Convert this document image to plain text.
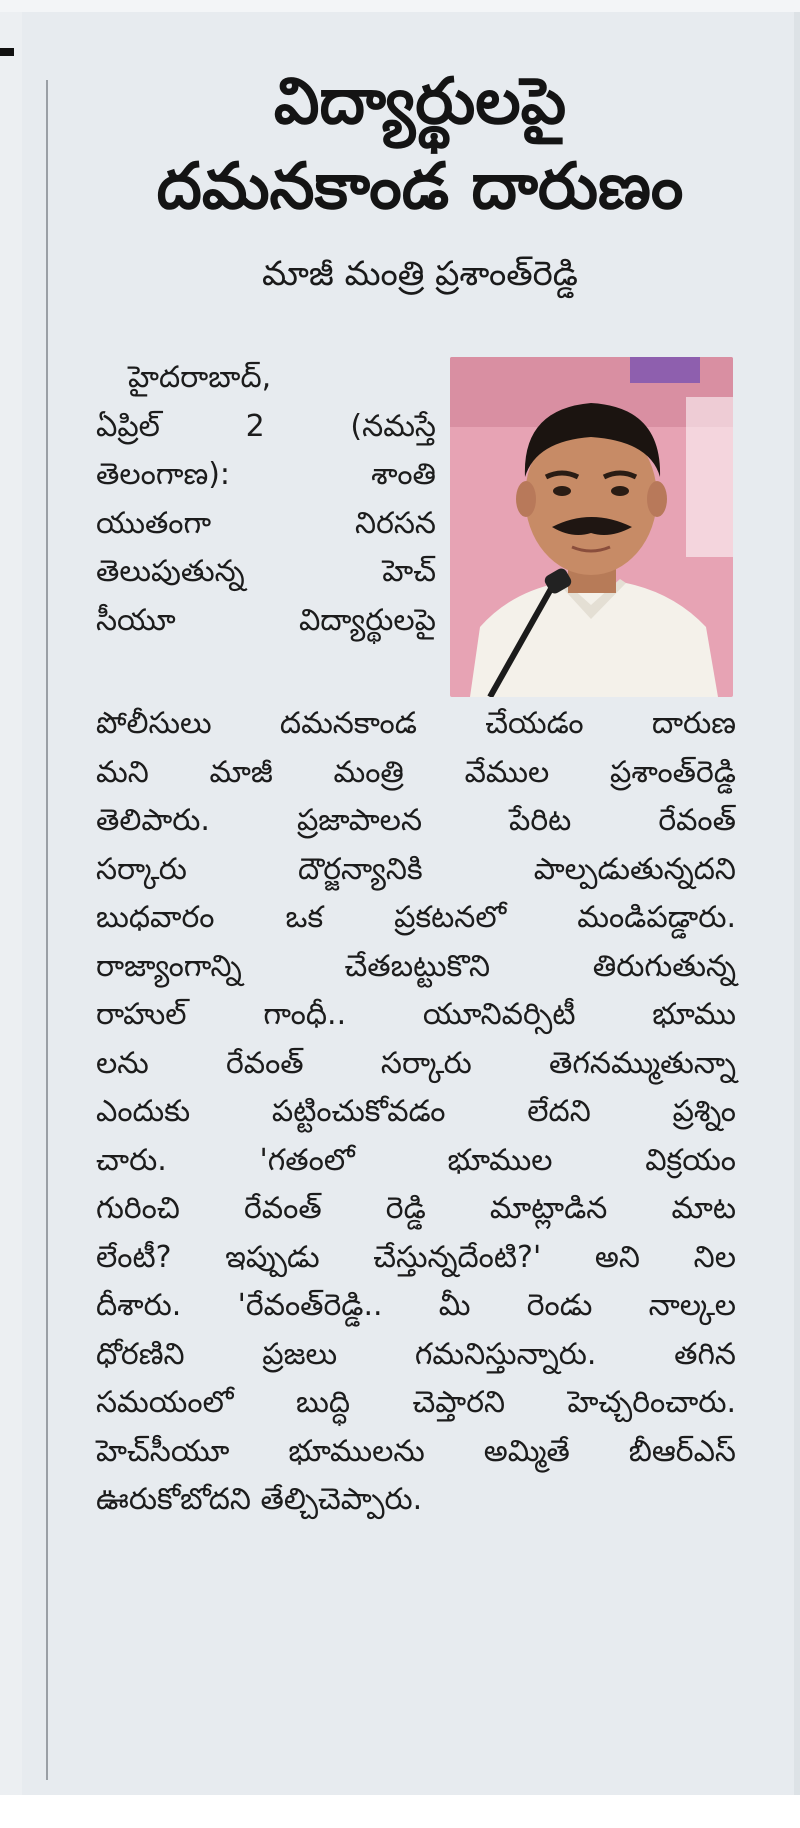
విద్యార్థులపై
దమనకాండ దారుణం

మాజీ మంత్రి ప్రశాంత్‌రెడ్డి

హైదరాబాద్,
ఏప్రిల్ 2 (నమస్తే
తెలంగాణ): శాంతి
యుతంగా నిరసన
తెలుపుతున్న హెచ్
సీయూ విద్యార్థులపై
పోలీసులు దమనకాండ చేయడం దారుణ
మని మాజీ మంత్రి వేముల ప్రశాంత్‌రెడ్డి
తెలిపారు. ప్రజాపాలన పేరిట రేవంత్
సర్కారు దౌర్జన్యానికి పాల్పడుతున్నదని
బుధవారం ఒక ప్రకటనలో మండిపడ్డారు.
రాజ్యాంగాన్ని చేతబట్టుకొని తిరుగుతున్న
రాహుల్ గాంధీ.. యూనివర్సిటీ భూము
లను రేవంత్ సర్కారు తెగనమ్ముతున్నా
ఎందుకు పట్టించుకోవడం లేదని ప్రశ్నిం
చారు. 'గతంలో భూముల విక్రయం
గురించి రేవంత్ రెడ్డి మాట్లాడిన మాట
లేంటీ? ఇప్పుడు చేస్తున్నదేంటి?' అని నిల
దీశారు. 'రేవంత్‌రెడ్డి.. మీ రెండు నాల్కల
ధోరణిని ప్రజలు గమనిస్తున్నారు. తగిన
సమయంలో బుద్ధి చెప్తారని హెచ్చరించారు.
హెచ్‌సీయూ భూములను అమ్మితే బీఆర్‌ఎస్
ఊరుకోబోదని తేల్చిచెప్పారు.
